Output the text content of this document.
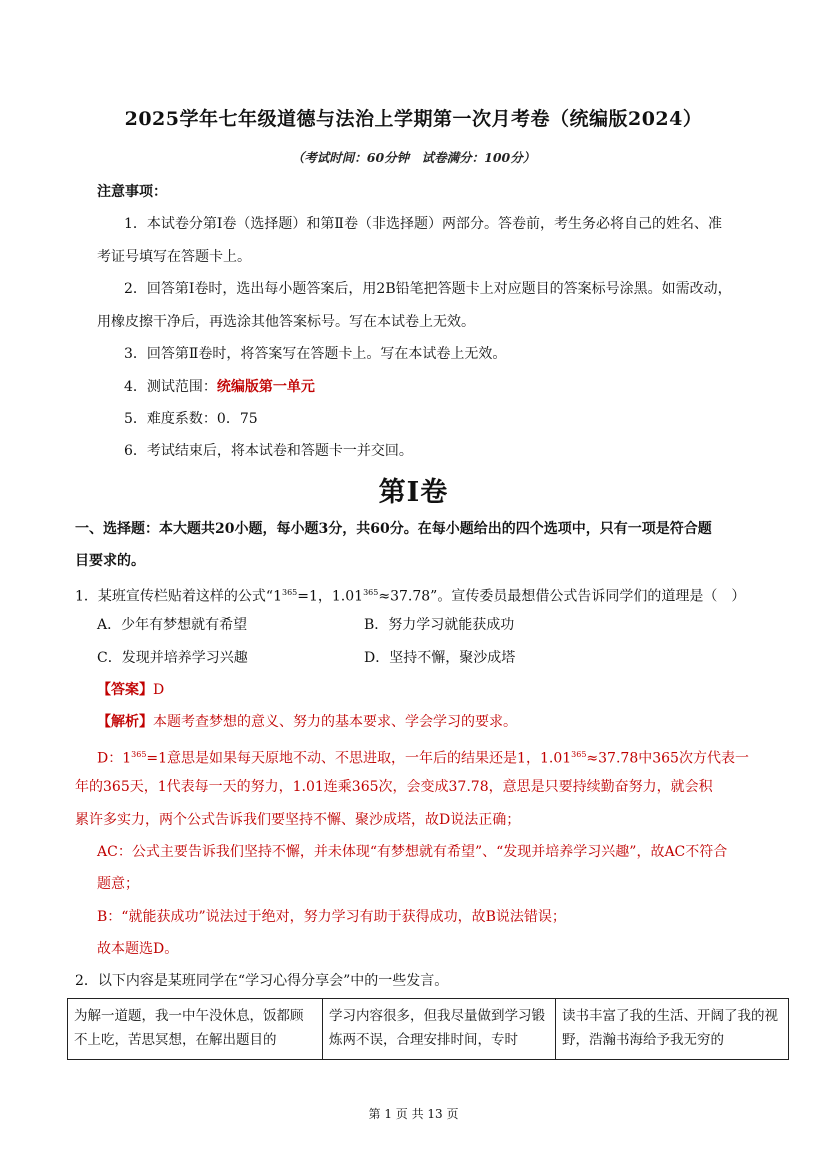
2025学年七年级道德与法治上学期第一次月考卷（统编版2024）
（考试时间：60分钟　试卷满分：100分）
注意事项：
1．本试卷分第Ⅰ卷（选择题）和第Ⅱ卷（非选择题）两部分。答卷前，考生务必将自己的姓名、准
考证号填写在答题卡上。
2．回答第Ⅰ卷时，选出每小题答案后，用2B铅笔把答题卡上对应题目的答案标号涂黑。如需改动，
用橡皮擦干净后，再选涂其他答案标号。写在本试卷上无效。
3．回答第Ⅱ卷时，将答案写在答题卡上。写在本试卷上无效。
4．测试范围：统编版第一单元
5．难度系数：0．75
6．考试结束后，将本试卷和答题卡一并交回。
第Ⅰ卷
一、选择题：本大题共20小题，每小题3分，共60分。在每小题给出的四个选项中，只有一项是符合题
目要求的。
1．某班宣传栏贴着这样的公式“$1^{365}=1$，$1.01^{365}\approx 37.78$”。宣传委员最想借公式告诉同学们的道理是（　）
A．少年有梦想就有希望	B．努力学习就能获成功
C．发现并培养学习兴趣	D．坚持不懈，聚沙成塔
【答案】D
【解析】本题考查梦想的意义、努力的基本要求、学会学习的要求。
D：$1^{365}=1$意思是如果每天原地不动、不思进取，一年后的结果还是1，$1.01^{365}\approx 37.78$中365次方代表一
年的365天，1代表每一天的努力，1.01连乘365次，会变成37.78，意思是只要持续勤奋努力，就会积
累许多实力，两个公式告诉我们要坚持不懈、聚沙成塔，故D说法正确；
AC：公式主要告诉我们坚持不懈，并未体现“有梦想就有希望”、“发现并培养学习兴趣”，故AC不符合
题意；
B：“就能获成功”说法过于绝对，努力学习有助于获得成功，故B说法错误；
故本题选D。
2．以下内容是某班同学在“学习心得分享会”中的一些发言。
为解一道题，我一中午没休息，饭都顾不上吃，苦思冥想，在解出题目的	学习内容很多，但我尽量做到学习锻炼两不误，合理安排时间，专时	读书丰富了我的生活、开阔了我的视野，浩瀚书海给予我无穷的
第 1 页 共 13 页
